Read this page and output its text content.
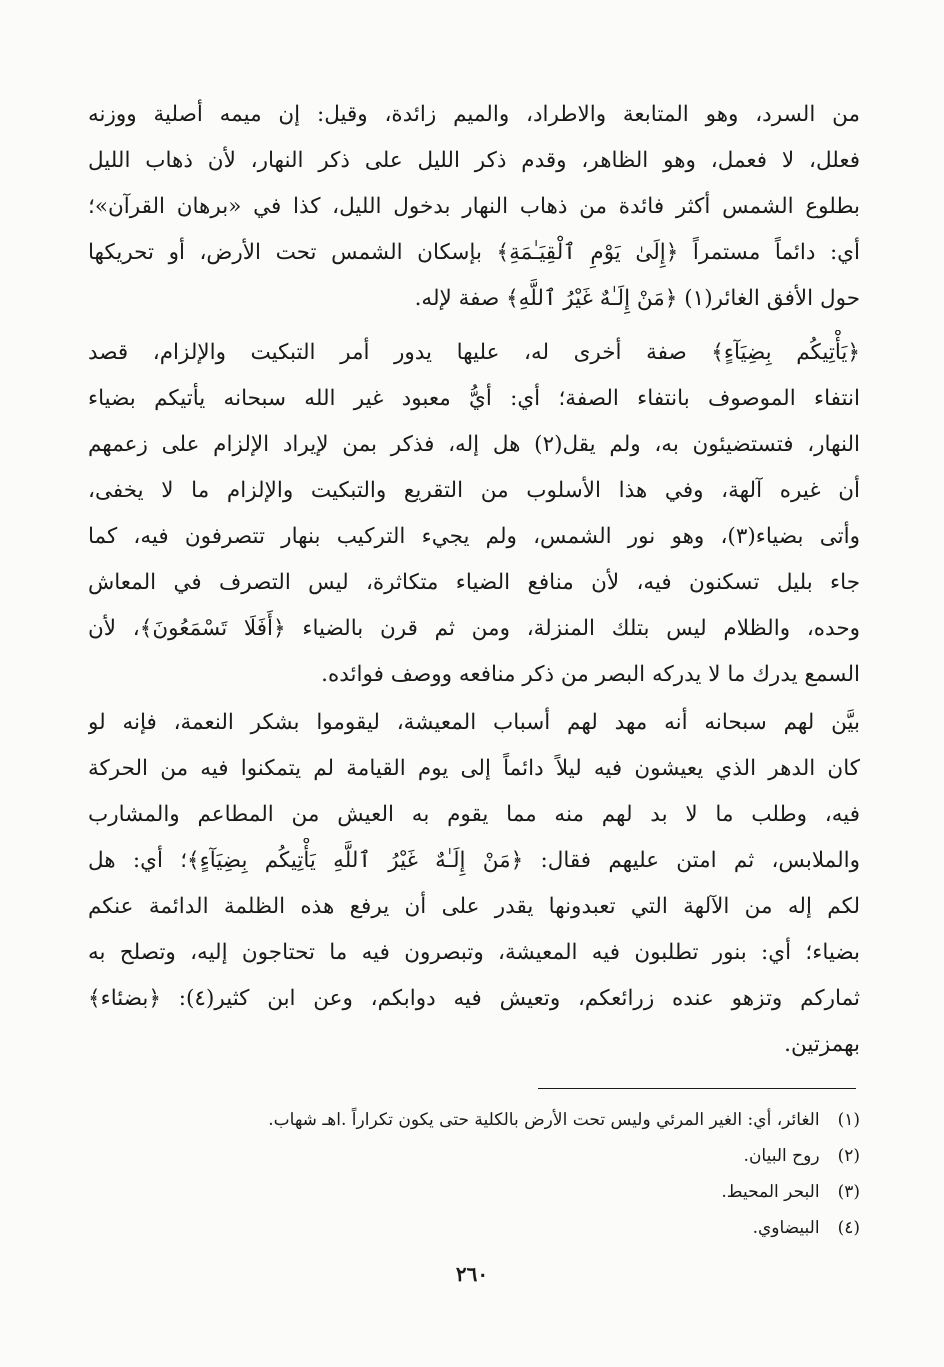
من السرد، وهو المتابعة والاطراد، والميم زائدة، وقيل: إن ميمه أصلية ووزنه
فعلل، لا فعمل، وهو الظاهر، وقدم ذكر الليل على ذكر النهار، لأن ذهاب الليل
بطلوع الشمس أكثر فائدة من ذهاب النهار بدخول الليل، كذا في «برهان القرآن»؛
أي: دائماً مستمراً ﴿إِلَىٰ يَوْمِ ٱلْقِيَـٰمَةِ﴾ بإسكان الشمس تحت الأرض، أو تحريكها
حول الأفق الغائر(١) ﴿مَنْ إِلَـٰهٌ غَيْرُ ٱللَّهِ﴾ صفة لإله.
﴿يَأْتِيكُم بِضِيَآءٍ﴾ صفة أخرى له، عليها يدور أمر التبكيت والإلزام، قصد
انتفاء الموصوف بانتفاء الصفة؛ أي: أيُّ معبود غير الله سبحانه يأتيكم بضياء
النهار، فتستضيئون به، ولم يقل(٢) هل إله، فذكر بمن لإيراد الإلزام على زعمهم
أن غيره آلهة، وفي هذا الأسلوب من التقريع والتبكيت والإلزام ما لا يخفى،
وأتى بضياء(٣)، وهو نور الشمس، ولم يجيء التركيب بنهار تتصرفون فيه، كما
جاء بليل تسكنون فيه، لأن منافع الضياء متكاثرة، ليس التصرف في المعاش
وحده، والظلام ليس بتلك المنزلة، ومن ثم قرن بالضياء ﴿أَفَلَا تَسْمَعُونَ﴾، لأن
السمع يدرك ما لا يدركه البصر من ذكر منافعه ووصف فوائده.
بيَّن لهم سبحانه أنه مهد لهم أسباب المعيشة، ليقوموا بشكر النعمة، فإنه لو
كان الدهر الذي يعيشون فيه ليلاً دائماً إلى يوم القيامة لم يتمكنوا فيه من الحركة
فيه، وطلب ما لا بد لهم منه مما يقوم به العيش من المطاعم والمشارب
والملابس، ثم امتن عليهم فقال: ﴿مَنْ إِلَـٰهٌ غَيْرُ ٱللَّهِ يَأْتِيكُم بِضِيَآءٍ﴾؛ أي: هل
لكم إله من الآلهة التي تعبدونها يقدر على أن يرفع هذه الظلمة الدائمة عنكم
بضياء؛ أي: بنور تطلبون فيه المعيشة، وتبصرون فيه ما تحتاجون إليه، وتصلح به
ثماركم وتزهو عنده زرائعكم، وتعيش فيه دوابكم، وعن ابن كثير(٤): ﴿بضئاء﴾
بهمزتين.
(١)الغائر، أي: الغير المرئي وليس تحت الأرض بالكلية حتى يكون تكراراً .اهـ شهاب.
(٢)روح البيان.
(٣)البحر المحيط.
(٤)البيضاوي.
٢٦٠
